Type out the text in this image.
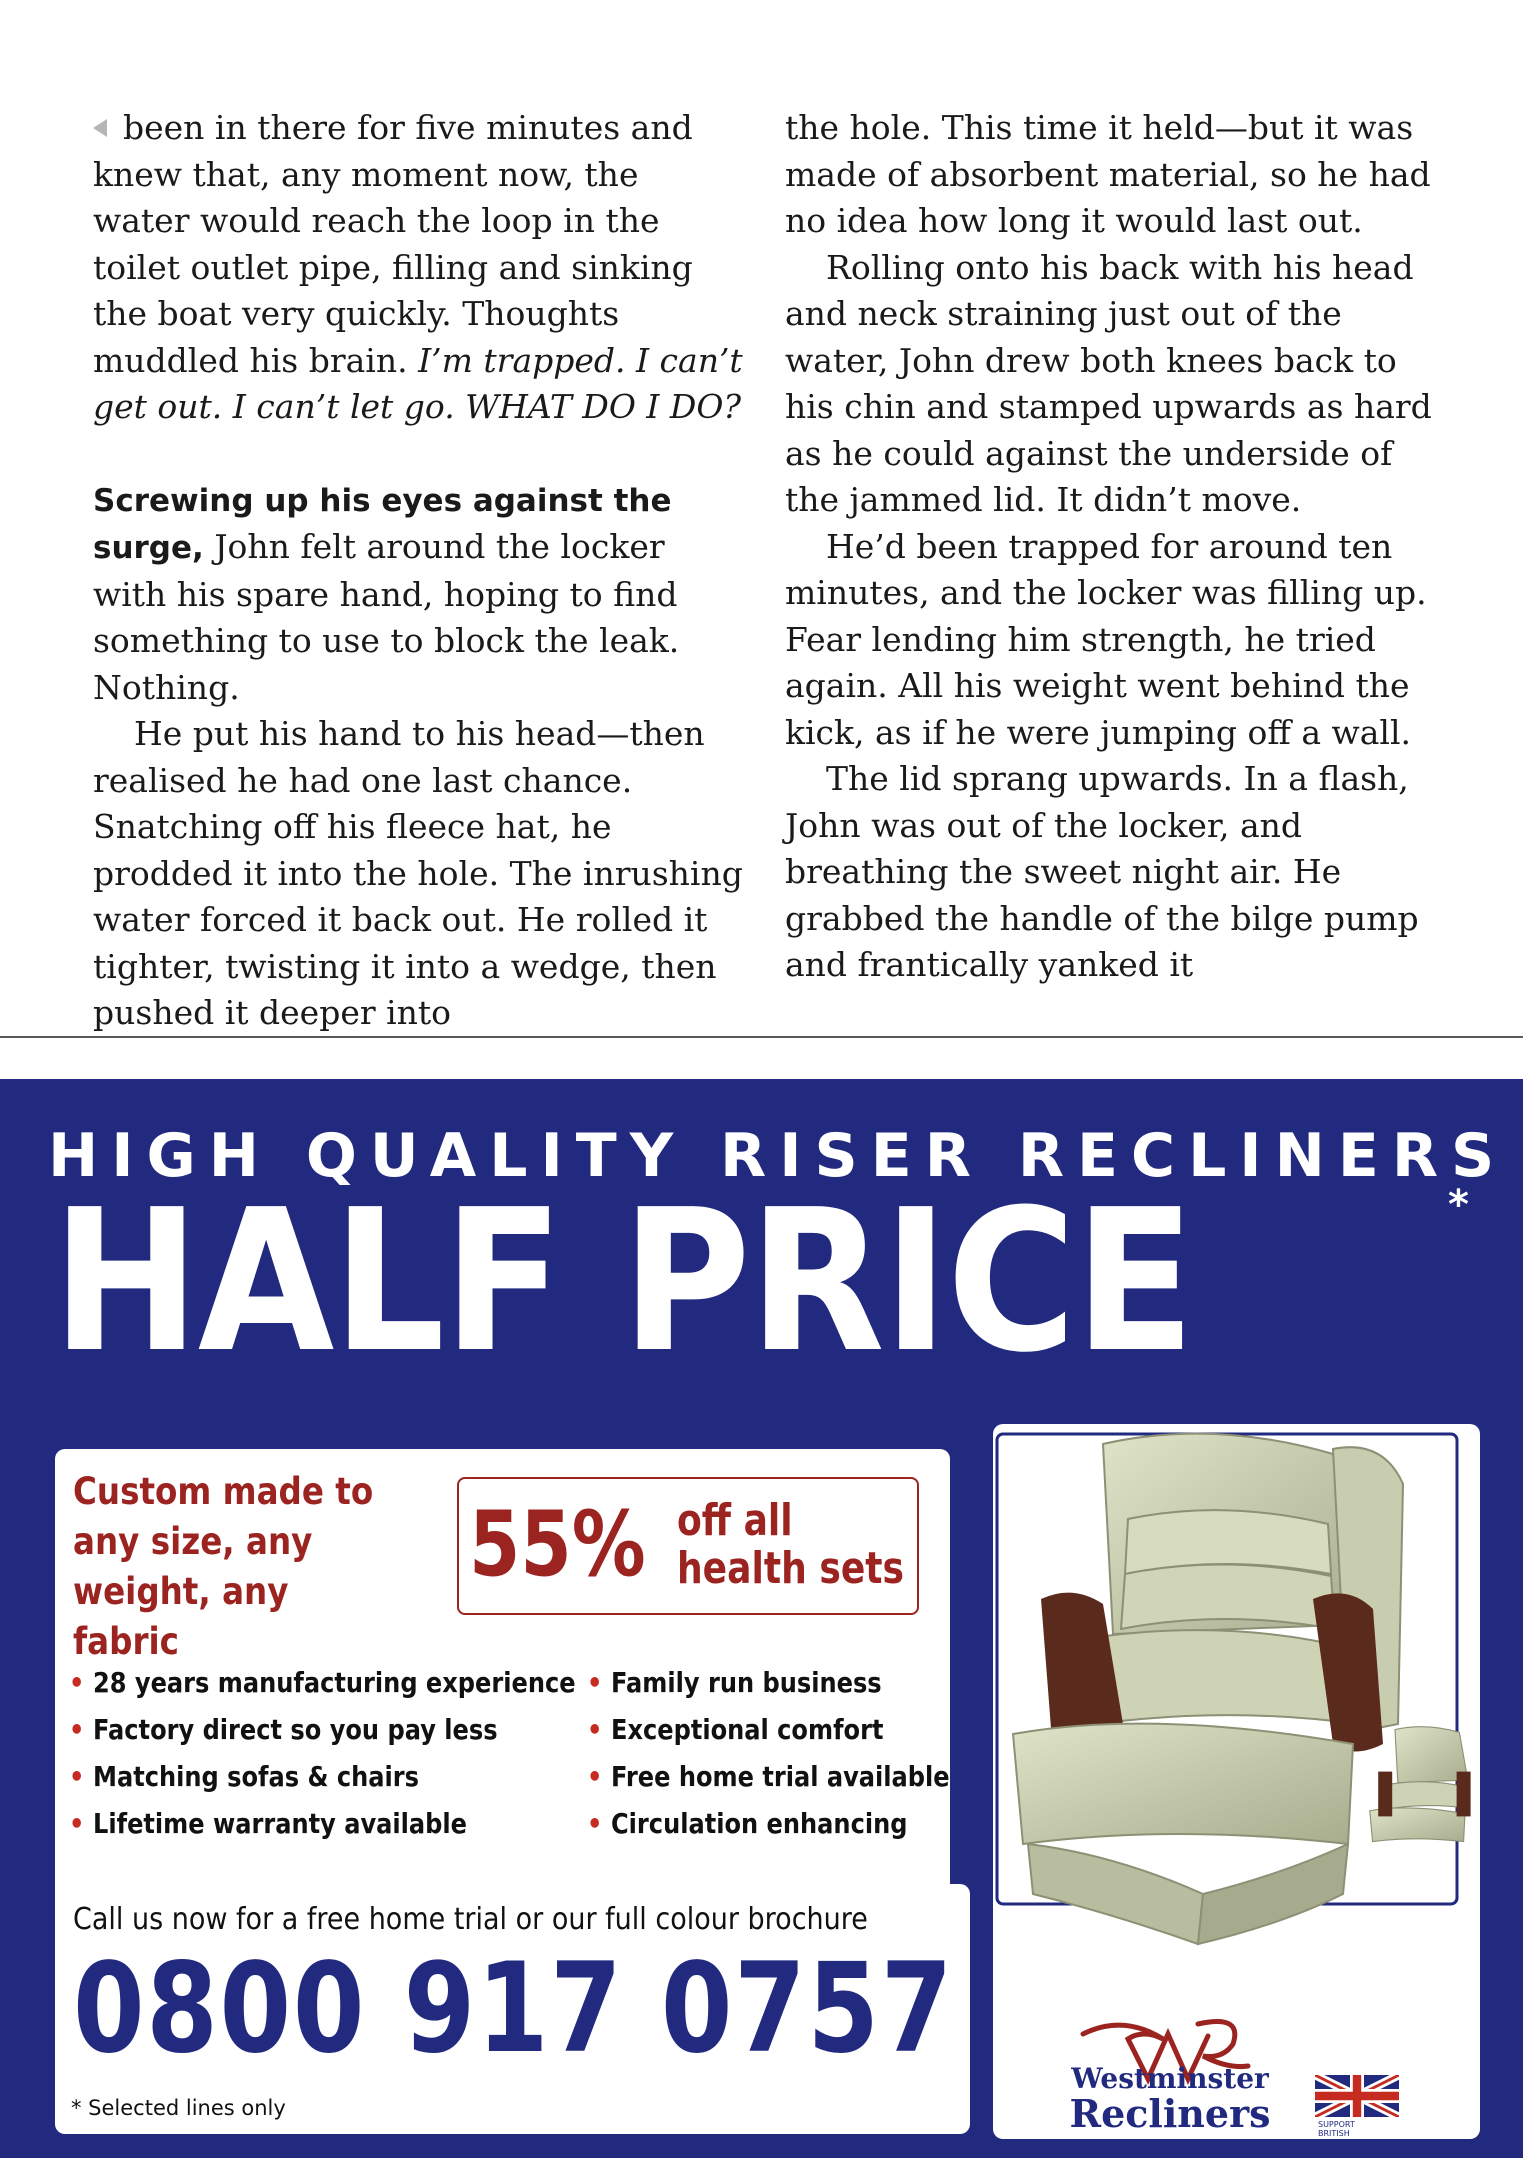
been in there for five minutes and knew that, any moment now, the water would reach the loop in the toilet outlet pipe, filling and sinking the boat very quickly. Thoughts muddled his brain. I’m trapped. I can’t get out. I can’t let go. WHAT DO I DO?

Screwing up his eyes against the surge, John felt around the locker with his spare hand, hoping to find something to use to block the leak. Nothing.

He put his hand to his head—then realised he had one last chance. Snatching off his fleece hat, he prodded it into the hole. The inrushing water forced it back out. He rolled it tighter, twisting it into a wedge, then pushed it deeper into

the hole. This time it held—but it was made of absorbent material, so he had no idea how long it would last out.

Rolling onto his back with his head and neck straining just out of the water, John drew both knees back to his chin and stamped upwards as hard as he could against the underside of the jammed lid. It didn’t move.

He’d been trapped for around ten minutes, and the locker was filling up. Fear lending him strength, he tried again. All his weight went behind the kick, as if he were jumping off a wall.

The lid sprang upwards. In a flash, John was out of the locker, and breathing the sweet night air. He grabbed the handle of the bilge pump and frantically yanked it

HIGH QUALITY RISER RECLINERS
HALF PRICE	*
Custom made to any size, any weight, any fabric
55% off all
health sets
• 28 years manufacturing experience
• Factory direct so you pay less
• Matching sofas & chairs
• Lifetime warranty available
• Family run business
• Exceptional comfort
• Free home trial available
• Circulation enhancing
Call us now for a free home trial or our full colour brochure
0800 917 0757
* Selected lines only
Westminster
Recliners	SUPPORT
BRITISH
INDUSTRY
